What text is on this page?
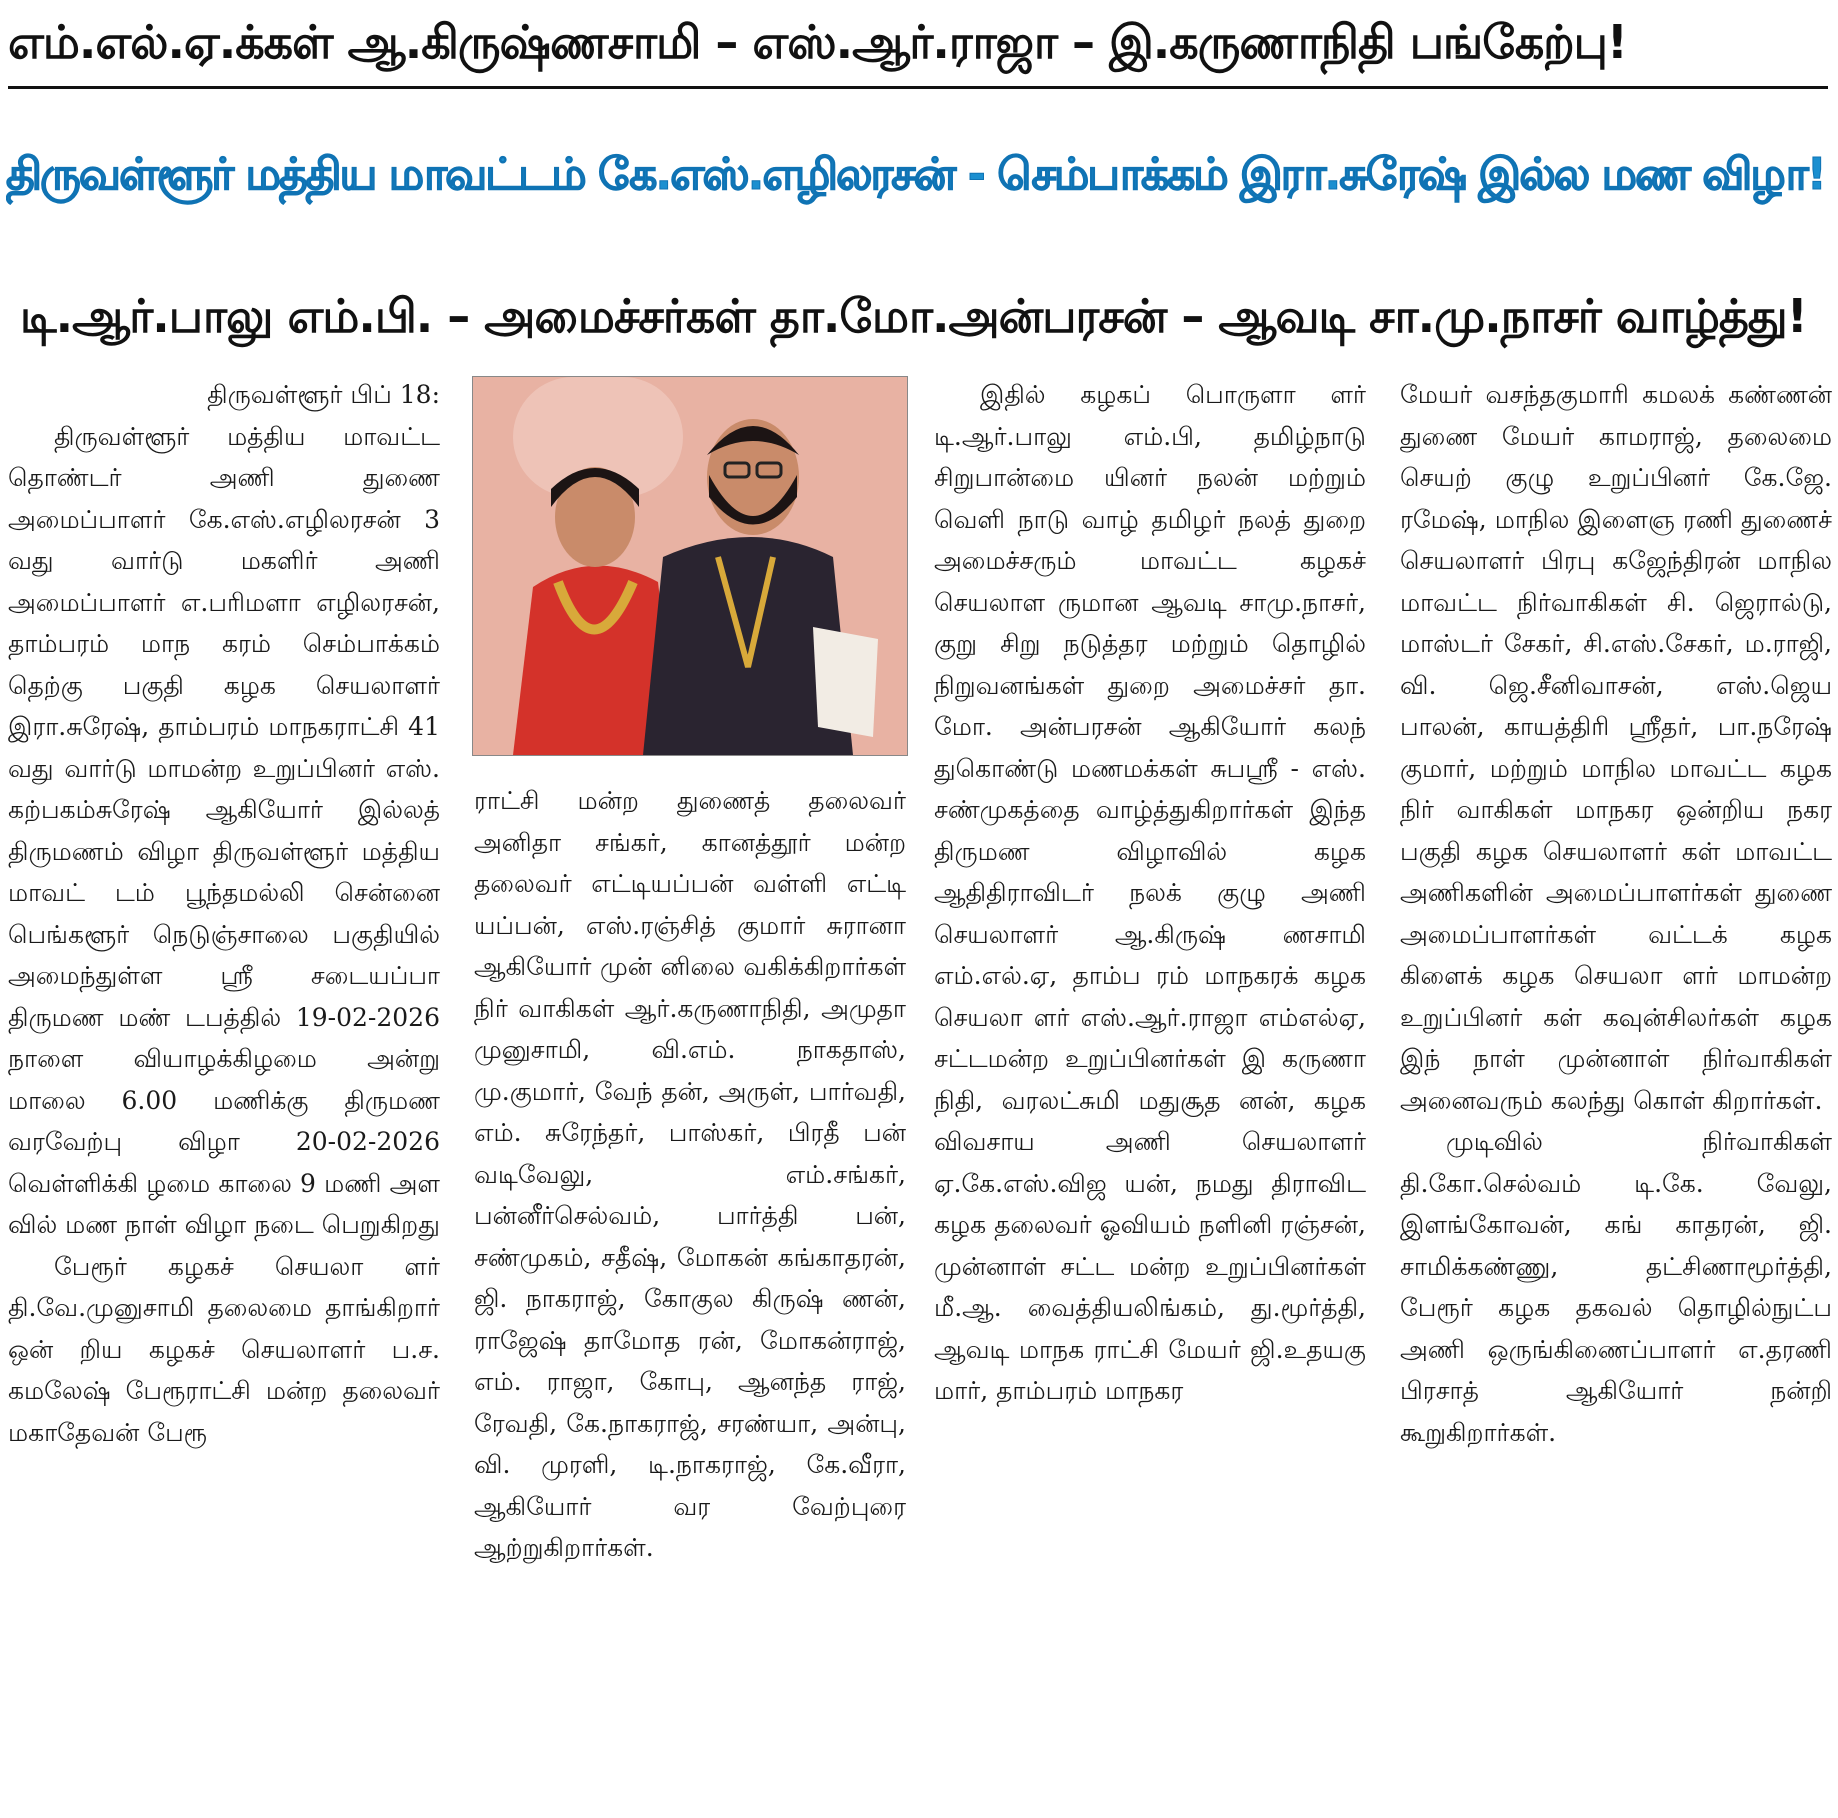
எம்.எல்.ஏ.க்கள் ஆ.கிருஷ்ணசாமி – எஸ்.ஆர்.ராஜா – இ.கருணாநிதி பங்கேற்பு!
திருவள்ளூர் மத்திய மாவட்டம் கே.எஸ்.எழிலரசன் - செம்பாக்கம் இரா.சுரேஷ் இல்ல மண விழா!
டி.ஆர்.பாலு எம்.பி. – அமைச்சர்கள் தா.மோ.அன்பரசன் – ஆவடி சா.மு.நாசர் வாழ்த்து!

திருவள்ளூர் பிப் 18:

திருவள்ளூர் மத்திய மாவட்ட தொண்டர் அணி துணை அமைப்பாளர் கே.எஸ்.எழிலரசன் 3 வது வார்டு மகளிர் அணி அமைப்பாளர் எ.பரிமளா எழிலரசன், தாம்பரம் மாந கரம் செம்பாக்கம் தெற்கு பகுதி கழக செயலாளர் இரா.சுரேஷ், தாம்பரம் மாநகராட்சி 41 வது வார்டு மாமன்ற உறுப்பினர் எஸ். கற்பகம்சுரேஷ் ஆகியோர் இல்லத் திருமணம் விழா திருவள்ளூர் மத்திய மாவட் டம் பூந்தமல்லி சென்னை பெங்களூர் நெடுஞ்சாலை பகுதியில் அமைந்துள்ள ஸ்ரீ சடையப்பா திருமண மண் டபத்தில் 19-02-2026 நாளை வியாழக்கிழமை அன்று மாலை 6.00 மணிக்கு திருமண வரவேற்பு விழா 20-02-2026 வெள்ளிக்கி ழமை காலை 9 மணி அள வில் மண நாள் விழா நடை பெறுகிறது

பேரூர் கழகச் செயலா ளர் தி.வே.முனுசாமி தலைமை தாங்கிறார் ஒன் றிய கழகச் செயலாளர் ப.ச. கமலேஷ் பேரூராட்சி மன்ற தலைவர் மகாதேவன் பேரூ

ராட்சி மன்ற துணைத் தலைவர் அனிதா சங்கர், கானத்தூர் மன்ற தலைவர் எட்டியப்பன் வள்ளி எட்டி யப்பன், எஸ்.ரஞ்சித் குமார் சுரானா ஆகியோர் முன் னிலை வகிக்கிறார்கள் நிர் வாகிகள் ஆர்.கருணாநிதி, அமுதா முனுசாமி, வி.எம். நாகதாஸ், மு.குமார், வேந் தன், அருள், பார்வதி, எம். சுரேந்தர், பாஸ்கர், பிரதீ பன் வடிவேலு, எம்.சங்கர், பன்னீர்செல்வம், பார்த்தி பன், சண்முகம், சதீஷ், மோகன் கங்காதரன், ஜி. நாகராஜ், கோகுல கிருஷ் ணன், ராஜேஷ் தாமோத ரன், மோகன்ராஜ், எம். ராஜா, கோபு, ஆனந்த ராஜ், ரேவதி, கே.நாகராஜ், சரண்யா, அன்பு, வி. முரளி, டி.நாகராஜ், கே.வீரா, ஆகியோர் வர வேற்புரை ஆற்றுகிறார்கள்.

இதில் கழகப் பொருளா ளர் டி.ஆர்.பாலு எம்.பி, தமிழ்நாடு சிறுபான்மை யினர் நலன் மற்றும் வெளி நாடு வாழ் தமிழர் நலத் துறை அமைச்சரும் மாவட்ட கழகச் செயலாள ருமான ஆவடி சாமு.நாசர், குறு சிறு நடுத்தர மற்றும் தொழில் நிறுவனங்கள் துறை அமைச்சர் தா. மோ. அன்பரசன் ஆகியோர் கலந் துகொண்டு மணமக்கள் சுபஸ்ரீ - எஸ். சண்முகத்தை வாழ்த்துகிறார்கள் இந்த திருமண விழாவில் கழக ஆதிதிராவிடர் நலக் குழு அணி செயலாளர் ஆ.கிருஷ் ணசாமி எம்.எல்.ஏ, தாம்ப ரம் மாநகரக் கழக செயலா ளர் எஸ்.ஆர்.ராஜா எம்எல்ஏ, சட்டமன்ற உறுப்பினர்கள் இ கருணா நிதி, வரலட்சுமி மதுசூத னன், கழக விவசாய அணி செயலாளர் ஏ.கே.எஸ்.விஜ யன், நமது திராவிட கழக தலைவர் ஓவியம் நளினி ரஞ்சன், முன்னாள் சட்ட மன்ற உறுப்பினர்கள் மீ.ஆ. வைத்தியலிங்கம், து.மூர்த்தி, ஆவடி மாநக ராட்சி மேயர் ஜி.உதயகு மார், தாம்பரம் மாநகர

மேயர் வசந்தகுமாரி கமலக் கண்ணன் துணை மேயர் காமராஜ், தலைமை செயற் குழு உறுப்பினர் கே.ஜே. ரமேஷ், மாநில இளைஞ ரணி துணைச் செயலாளர் பிரபு கஜேந்திரன் மாநில மாவட்ட நிர்வாகிகள் சி. ஜெரால்டு, மாஸ்டர் சேகர், சி.எஸ்.சேகர், ம.ராஜி, வி. ஜெ.சீனிவாசன், எஸ்.ஜெய பாலன், காயத்திரி ஸ்ரீதர், பா.நரேஷ் குமார், மற்றும் மாநில மாவட்ட கழக நிர் வாகிகள் மாநகர ஒன்றிய நகர பகுதி கழக செயலாளர் கள் மாவட்ட அணிகளின் அமைப்பாளர்கள் துணை அமைப்பாளர்கள் வட்டக் கழக கிளைக் கழக செயலா ளர் மாமன்ற உறுப்பினர் கள் கவுன்சிலர்கள் கழக இந் நாள் முன்னாள் நிர்வாகிகள் அனைவரும் கலந்து கொள் கிறார்கள்.

முடிவில் நிர்வாகிகள் தி.கோ.செல்வம் டி.கே. வேலு, இளங்கோவன், கங் காதரன், ஜி. சாமிக்கண்ணு, தட்சிணாமூர்த்தி, பேரூர் கழக தகவல் தொழில்நுட்ப அணி ஒருங்கிணைப்பாளர் எ.தரணி பிரசாத் ஆகியோர் நன்றி கூறுகிறார்கள்.
